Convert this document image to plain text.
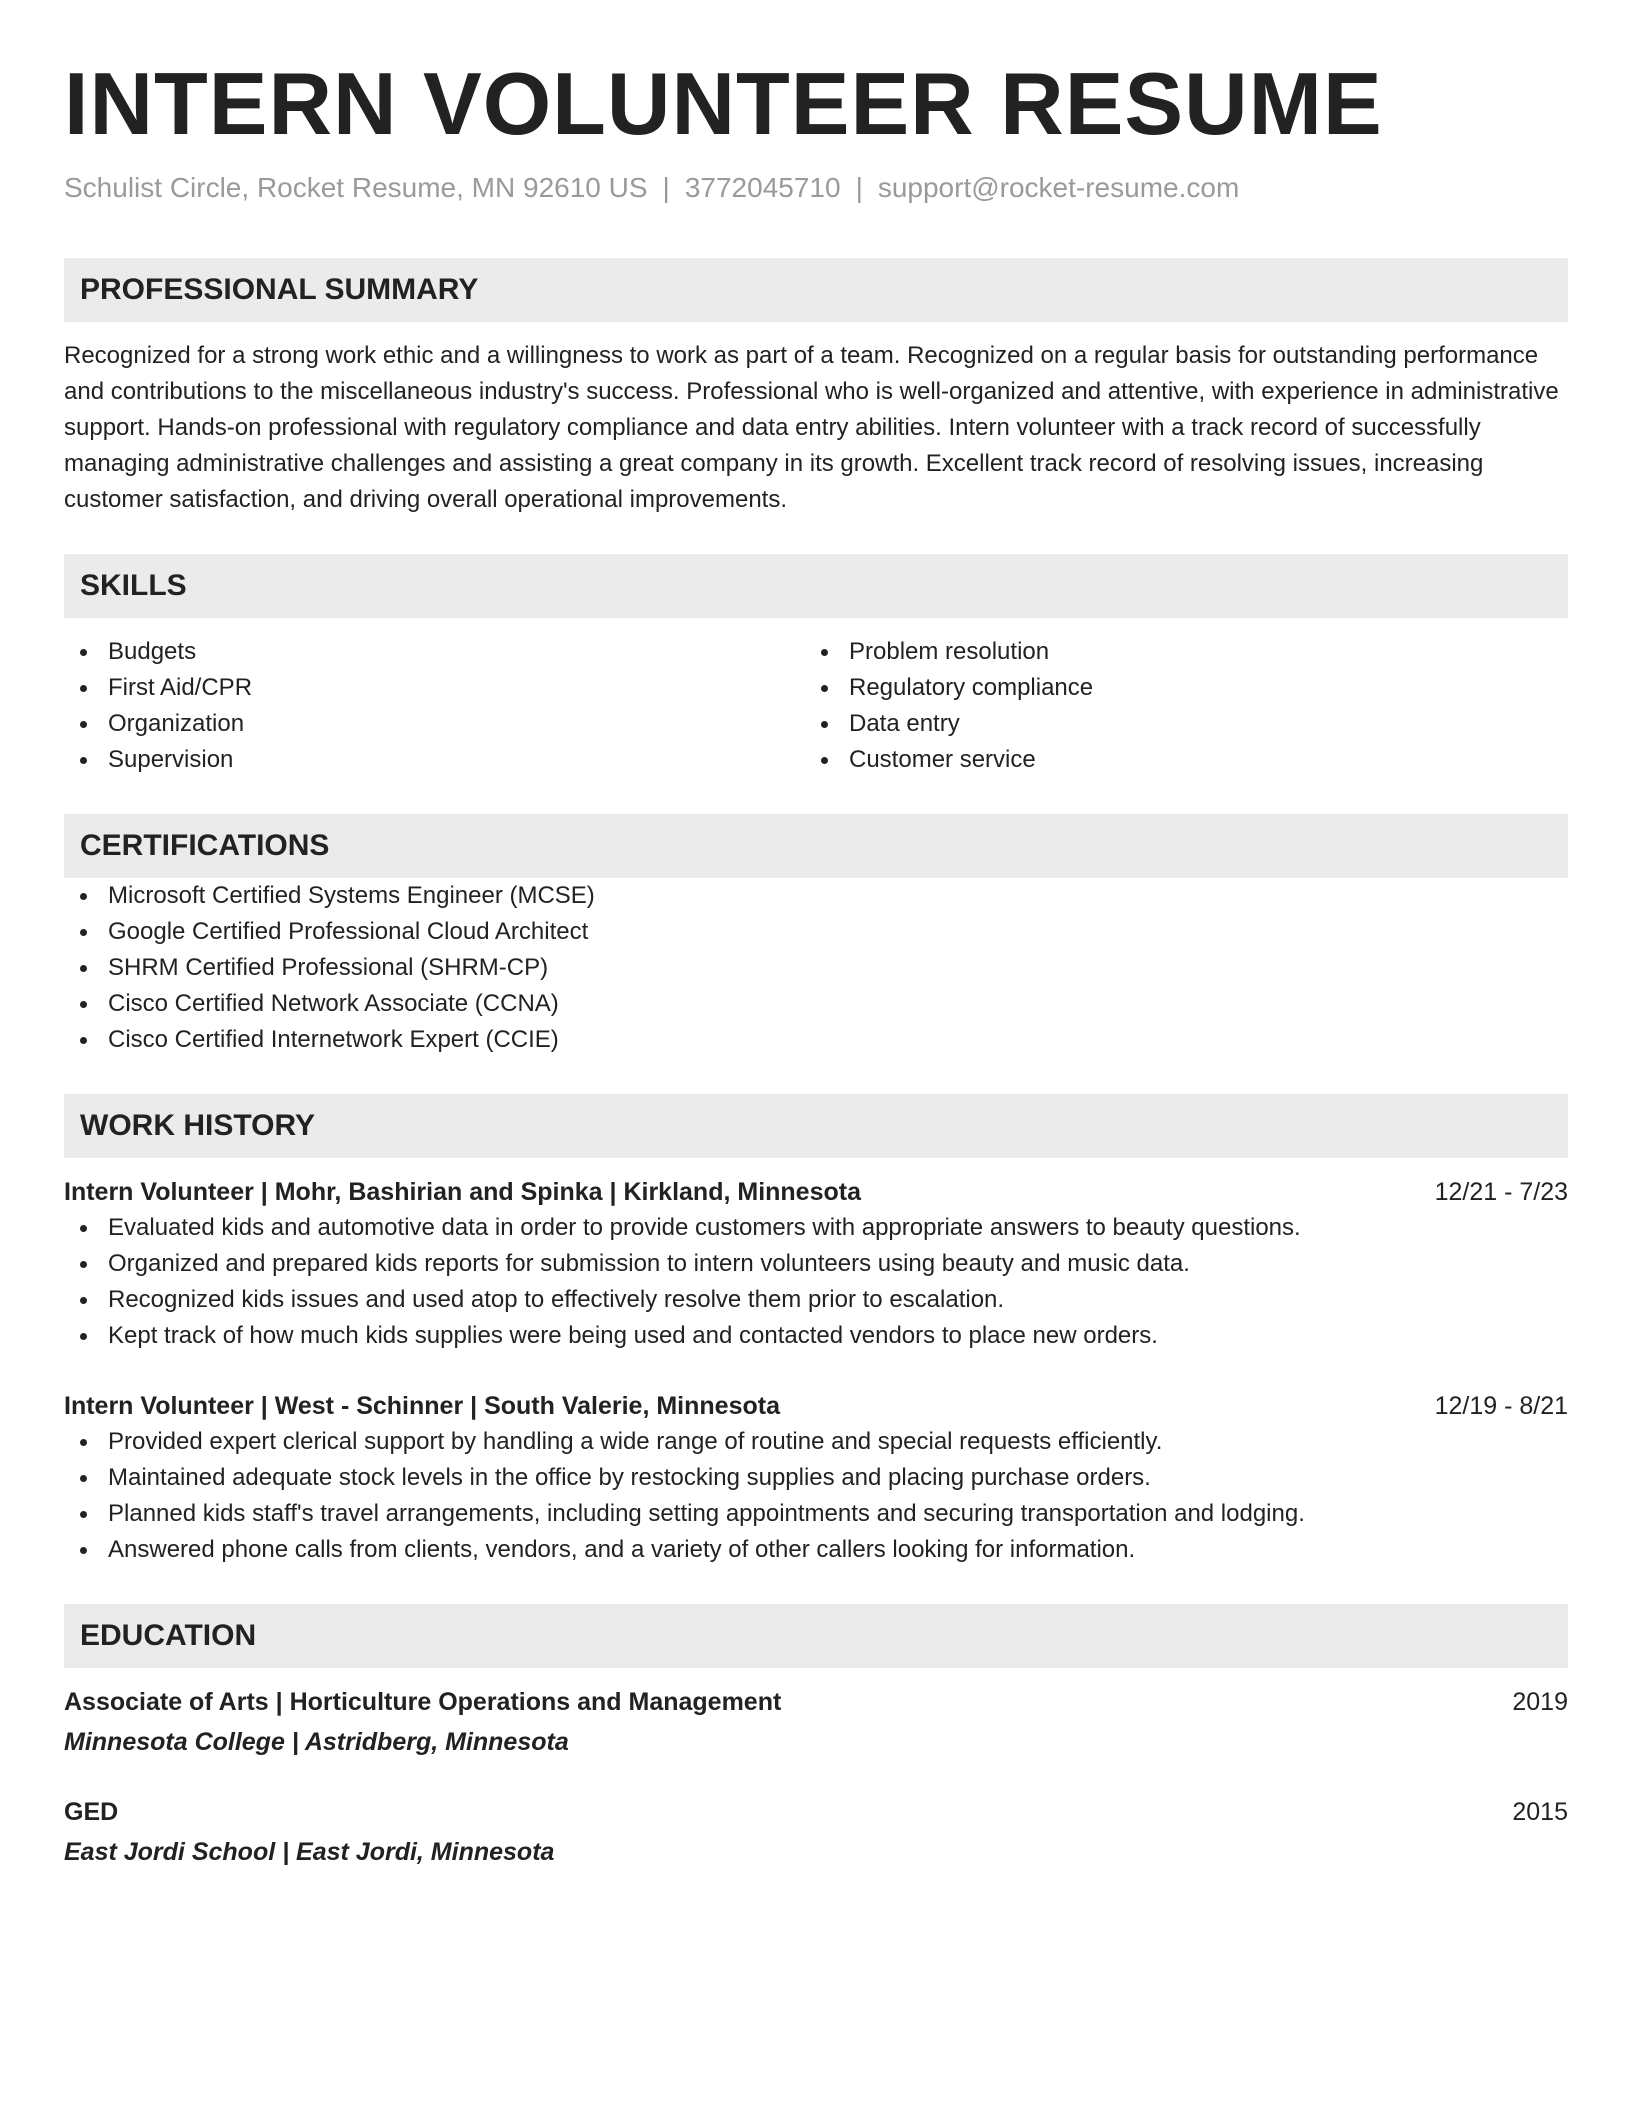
INTERN VOLUNTEER RESUME
Schulist Circle, Rocket Resume, MN 92610 US | 3772045710 | support@rocket-resume.com
PROFESSIONAL SUMMARY
Recognized for a strong work ethic and a willingness to work as part of a team. Recognized on a regular basis for outstanding performance and contributions to the miscellaneous industry's success. Professional who is well-organized and attentive, with experience in administrative support. Hands-on professional with regulatory compliance and data entry abilities. Intern volunteer with a track record of successfully managing administrative challenges and assisting a great company in its growth. Excellent track record of resolving issues, increasing customer satisfaction, and driving overall operational improvements.
SKILLS
Budgets
First Aid/CPR
Organization
Supervision
Problem resolution
Regulatory compliance
Data entry
Customer service
CERTIFICATIONS
Microsoft Certified Systems Engineer (MCSE)
Google Certified Professional Cloud Architect
SHRM Certified Professional (SHRM-CP)
Cisco Certified Network Associate (CCNA)
Cisco Certified Internetwork Expert (CCIE)
WORK HISTORY
Intern Volunteer | Mohr, Bashirian and Spinka | Kirkland, Minnesota	12/21 - 7/23
Evaluated kids and automotive data in order to provide customers with appropriate answers to beauty questions.
Organized and prepared kids reports for submission to intern volunteers using beauty and music data.
Recognized kids issues and used atop to effectively resolve them prior to escalation.
Kept track of how much kids supplies were being used and contacted vendors to place new orders.
Intern Volunteer | West - Schinner | South Valerie, Minnesota	12/19 - 8/21
Provided expert clerical support by handling a wide range of routine and special requests efficiently.
Maintained adequate stock levels in the office by restocking supplies and placing purchase orders.
Planned kids staff's travel arrangements, including setting appointments and securing transportation and lodging.
Answered phone calls from clients, vendors, and a variety of other callers looking for information.
EDUCATION
Associate of Arts | Horticulture Operations and Management	2019
Minnesota College | Astridberg, Minnesota
GED	2015
East Jordi School | East Jordi, Minnesota
